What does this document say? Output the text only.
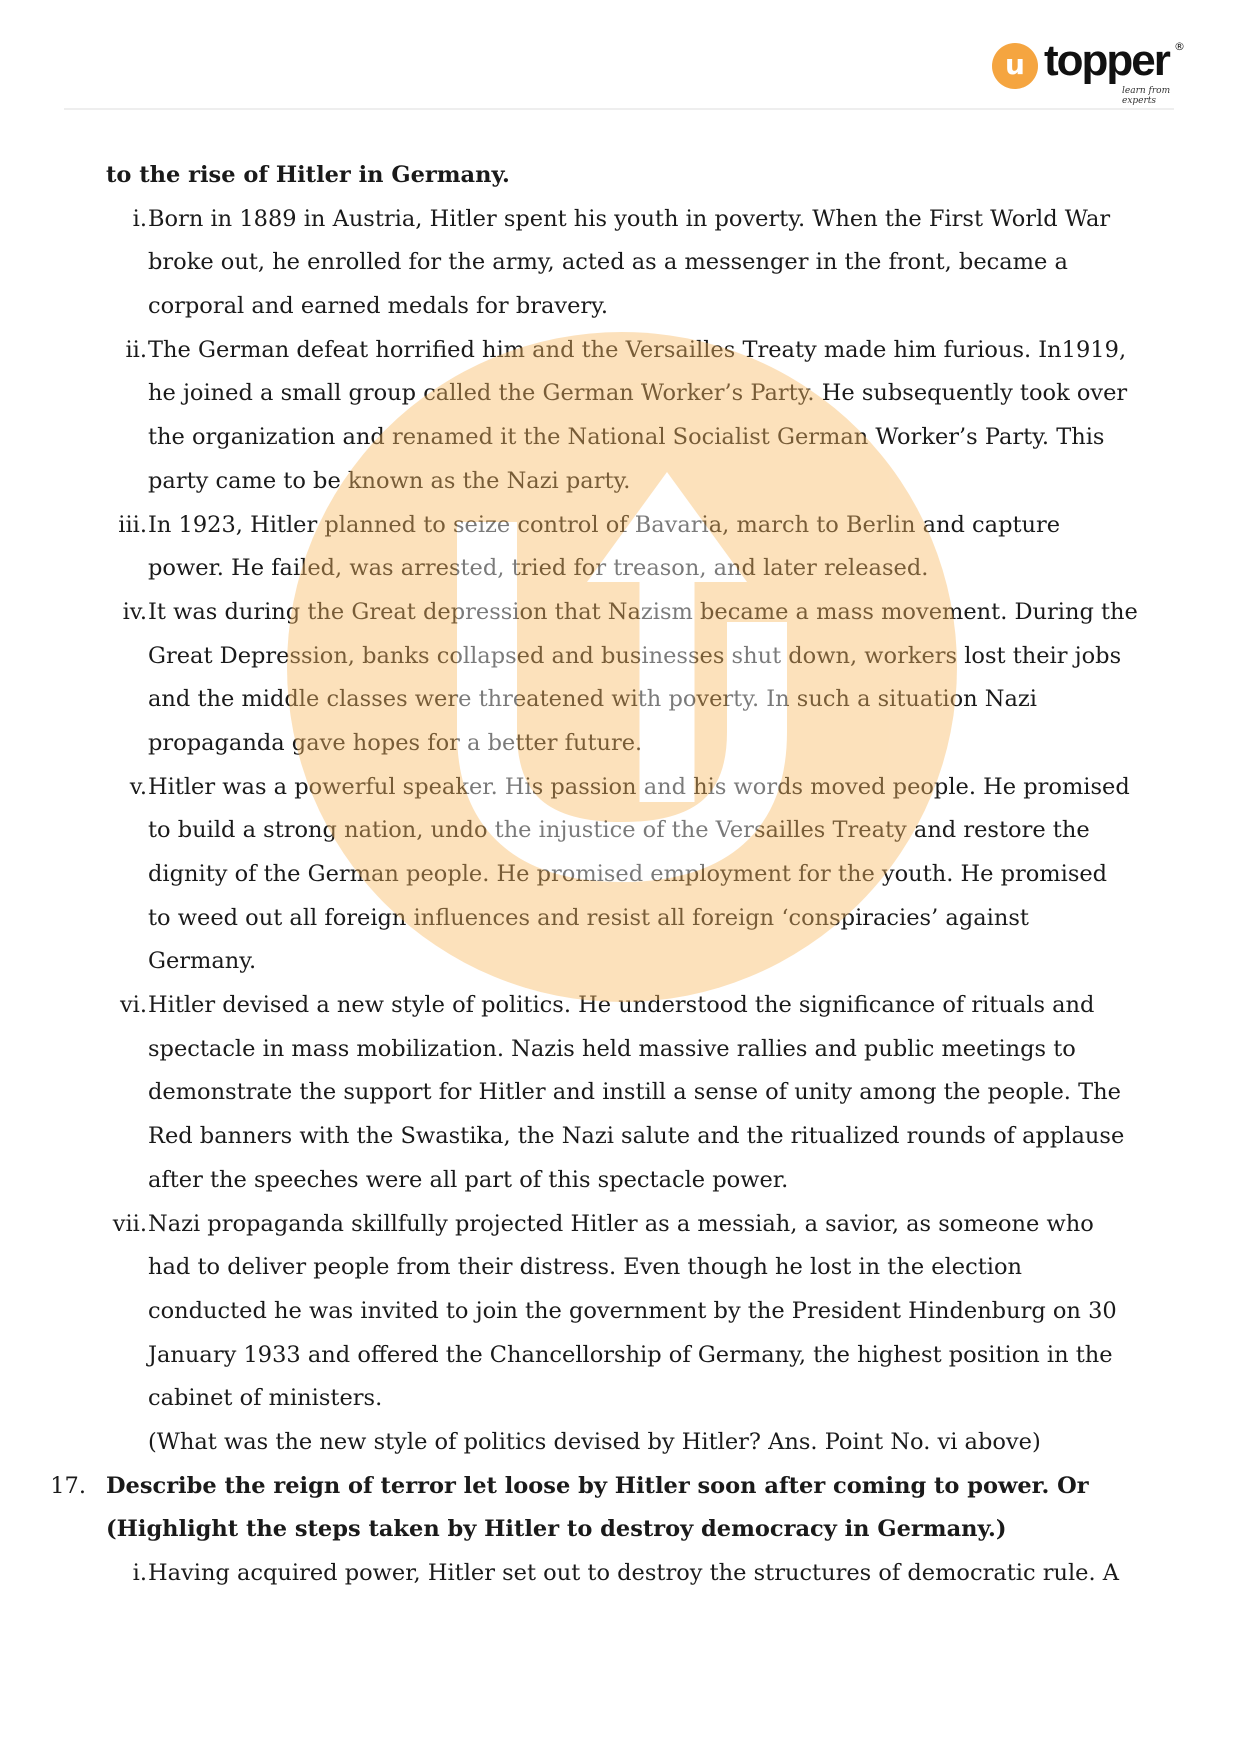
u topper ®
learn from experts
to the rise of Hitler in Germany.
i. Born in 1889 in Austria, Hitler spent his youth in poverty. When the First World War
broke out, he enrolled for the army, acted as a messenger in the front, became a
corporal and earned medals for bravery.
ii. The German defeat horrified him and the Versailles Treaty made him furious. In1919,
he joined a small group called the German Worker’s Party. He subsequently took over
the organization and renamed it the National Socialist German Worker’s Party. This
party came to be known as the Nazi party.
iii. In 1923, Hitler planned to seize control of Bavaria, march to Berlin and capture
power. He failed, was arrested, tried for treason, and later released.
iv. It was during the Great depression that Nazism became a mass movement. During the
Great Depression, banks collapsed and businesses shut down, workers lost their jobs
and the middle classes were threatened with poverty. In such a situation Nazi
propaganda gave hopes for a better future.
v. Hitler was a powerful speaker. His passion and his words moved people. He promised
to build a strong nation, undo the injustice of the Versailles Treaty and restore the
dignity of the German people. He promised employment for the youth. He promised
to weed out all foreign influences and resist all foreign ‘conspiracies’ against
Germany.
vi. Hitler devised a new style of politics. He understood the significance of rituals and
spectacle in mass mobilization. Nazis held massive rallies and public meetings to
demonstrate the support for Hitler and instill a sense of unity among the people. The
Red banners with the Swastika, the Nazi salute and the ritualized rounds of applause
after the speeches were all part of this spectacle power.
vii. Nazi propaganda skillfully projected Hitler as a messiah, a savior, as someone who
had to deliver people from their distress. Even though he lost in the election
conducted he was invited to join the government by the President Hindenburg on 30
January 1933 and offered the Chancellorship of Germany, the highest position in the
cabinet of ministers.
(What was the new style of politics devised by Hitler? Ans. Point No. vi above)
17. Describe the reign of terror let loose by Hitler soon after coming to power. Or
(Highlight the steps taken by Hitler to destroy democracy in Germany.)
i. Having acquired power, Hitler set out to destroy the structures of democratic rule. A
